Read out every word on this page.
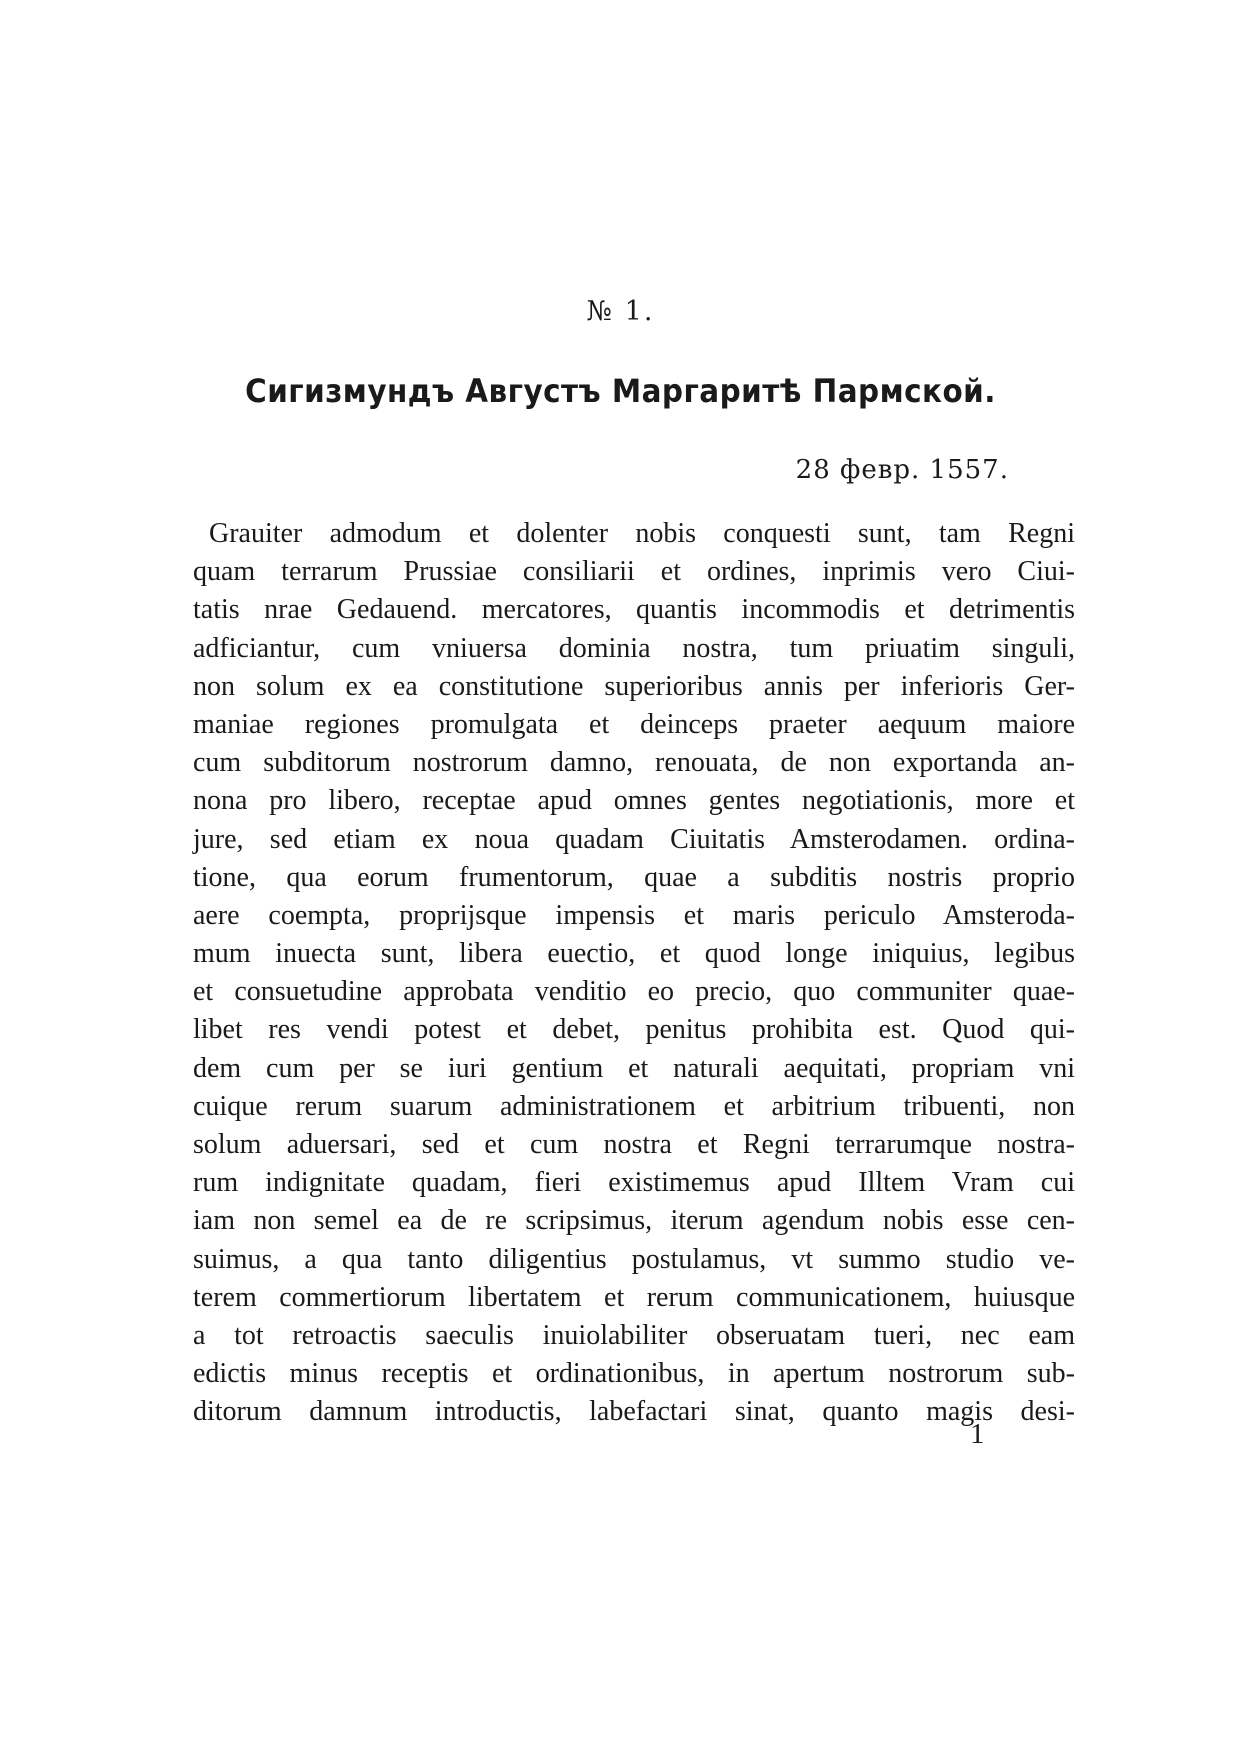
№ 1.
Сигизмундъ Августъ Маргаритѣ Пармской.
28 февр. 1557.
Grauiter admodum et dolenter nobis conquesti sunt, tam Regni
quam terrarum Prussiae consiliarii et ordines, inprimis vero Ciui-
tatis nrae Gedauend. mercatores, quantis incommodis et detrimentis
adficiantur, cum vniuersa dominia nostra, tum priuatim singuli,
non solum ex ea constitutione superioribus annis per inferioris Ger-
maniae regiones promulgata et deinceps praeter aequum maiore
cum subditorum nostrorum damno, renouata, de non exportanda an-
nona pro libero, receptae apud omnes gentes negotiationis, more et
jure, sed etiam ex noua quadam Ciuitatis Amsterodamen. ordina-
tione, qua eorum frumentorum, quae a subditis nostris proprio
aere coempta, proprijsque impensis et maris periculo Amsteroda-
mum inuecta sunt, libera euectio, et quod longe iniquius, legibus
et consuetudine approbata venditio eo precio, quo communiter quae-
libet res vendi potest et debet, penitus prohibita est. Quod qui-
dem cum per se iuri gentium et naturali aequitati, propriam vni
cuique rerum suarum administrationem et arbitrium tribuenti, non
solum aduersari, sed et cum nostra et Regni terrarumque nostra-
rum indignitate quadam, fieri existimemus apud Illtem Vram cui
iam non semel ea de re scripsimus, iterum agendum nobis esse cen-
suimus, a qua tanto diligentius postulamus, vt summo studio ve-
terem commertiorum libertatem et rerum communicationem, huiusque
a tot retroactis saeculis inuiolabiliter obseruatam tueri, nec eam
edictis minus receptis et ordinationibus, in apertum nostrorum sub-
ditorum damnum introductis, labefactari sinat, quanto magis desi-
1
